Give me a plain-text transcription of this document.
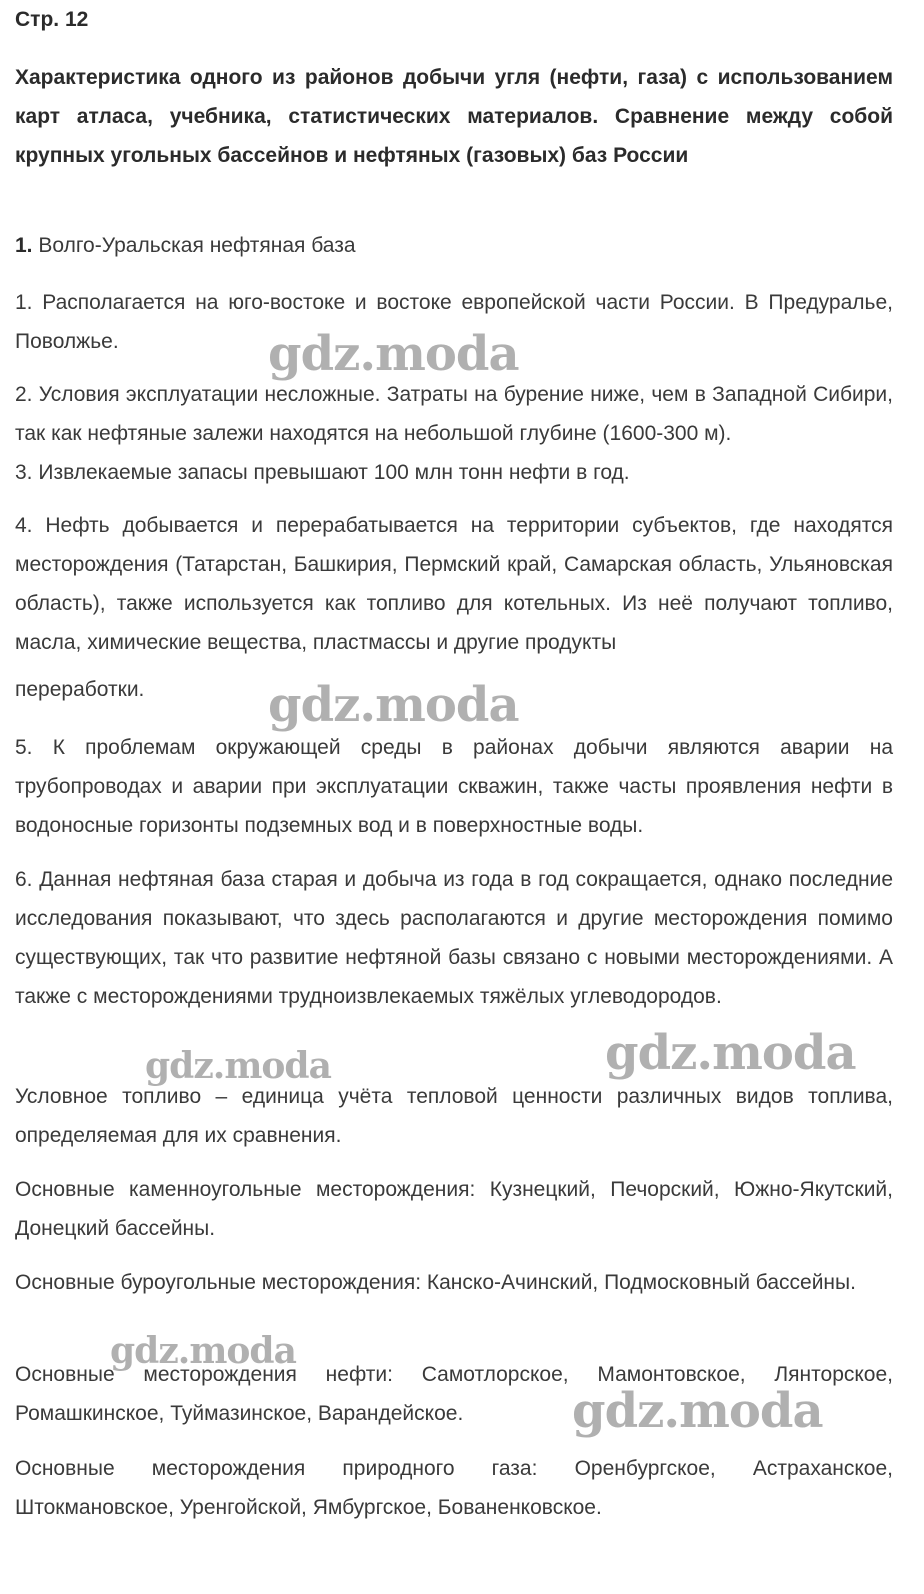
Стр. 12

Характеристика одного из районов добычи угля (нефти, газа) с использованием карт атласа, учебника, статистических материалов. Сравнение между собой крупных угольных бассейнов и нефтяных (газовых) баз России

1. Волго-Уральская нефтяная база

1. Располагается на юго-востоке и востоке европейской части России. В Предуралье, Поволжье.

2. Условия эксплуатации несложные. Затраты на бурение ниже, чем в Западной Сибири, так как нефтяные залежи находятся на небольшой глубине (1600-300 м).

3. Извлекаемые запасы превышают 100 млн тонн нефти в год.

4. Нефть добывается и перерабатывается на территории субъектов, где находятся месторождения (Татарстан, Башкирия, Пермский край, Самарская область, Ульяновская область), также используется как топливо для котельных. Из неё получают топливо, масла, химические вещества, пластмассы и другие продукты

переработки.

5. К проблемам окружающей среды в районах добычи являются аварии на трубопроводах и аварии при эксплуатации скважин, также часты проявления нефти в водоносные горизонты подземных вод и в поверхностные воды.

6. Данная нефтяная база старая и добыча из года в год сокращается, однако последние исследования показывают, что здесь располагаются и другие месторождения помимо существующих, так что развитие нефтяной базы связано с новыми месторождениями. А также с месторождениями трудноизвлекаемых тяжёлых углеводородов.

Условное топливо – единица учёта тепловой ценности различных видов топлива, определяемая для их сравнения.

Основные каменноугольные месторождения: Кузнецкий, Печорский, Южно-Якутский, Донецкий бассейны.

Основные буроугольные месторождения: Канско-Ачинский, Подмосковный бассейны.

Основные месторождения нефти: Самотлорское, Мамонтовское, Лянторское, Ромашкинское, Туймазинское, Варандейское.

Основные месторождения природного газа: Оренбургское, Астраханское, Штокмановское, Уренгойской, Ямбургское, Бованенковское.

gdz.moda
gdz.moda
gdz.moda	gdz.moda
gdz.moda
gdz.moda
